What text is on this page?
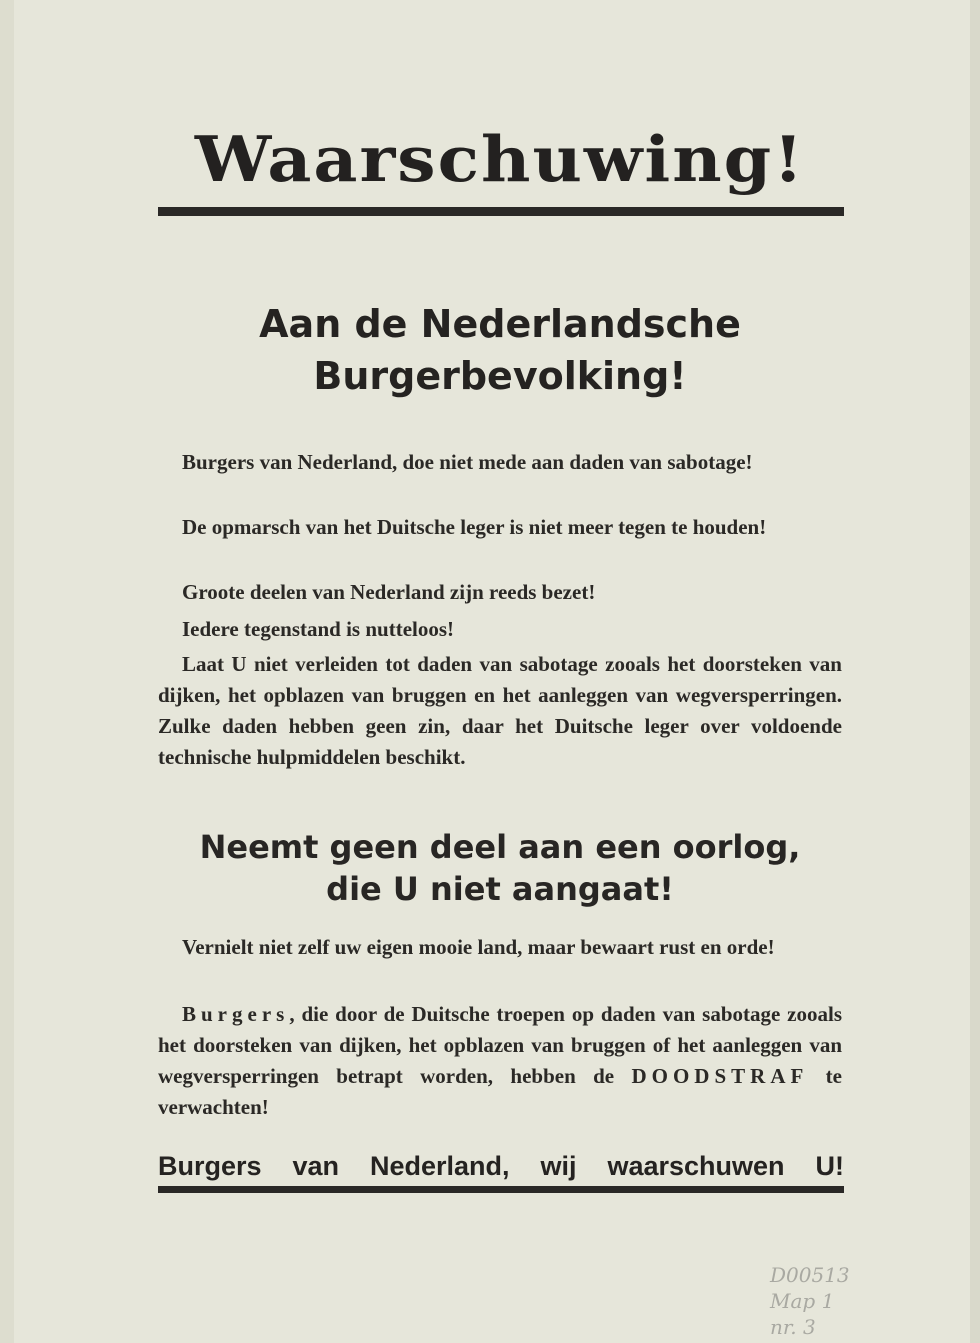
Waarschuwing!
Aan de Nederlandsche
Burgerbevolking!

Burgers van Nederland, doe niet mede aan daden van sabotage!

De opmarsch van het Duitsche leger is niet meer tegen te houden!

Groote deelen van Nederland zijn reeds bezet!

Iedere tegenstand is nutteloos!

Laat U niet verleiden tot daden van sabotage zooals het doorsteken van dijken, het opblazen van bruggen en het aanleggen van wegversperringen. Zulke daden hebben geen zin, daar het Duitsche leger over voldoende technische hulpmiddelen beschikt.

Neemt geen deel aan een oorlog,
die U niet aangaat!

Vernielt niet zelf uw eigen mooie land, maar bewaart rust en orde!

Burgers, die door de Duitsche troepen op daden van sabotage zooals het doorsteken van dijken, het opblazen van bruggen of het aanleggen van wegversperringen betrapt worden, hebben de DOODSTRAF te verwachten!

Burgers van Nederland, wij waarschuwen U!

D00513
Map 1
nr. 3
